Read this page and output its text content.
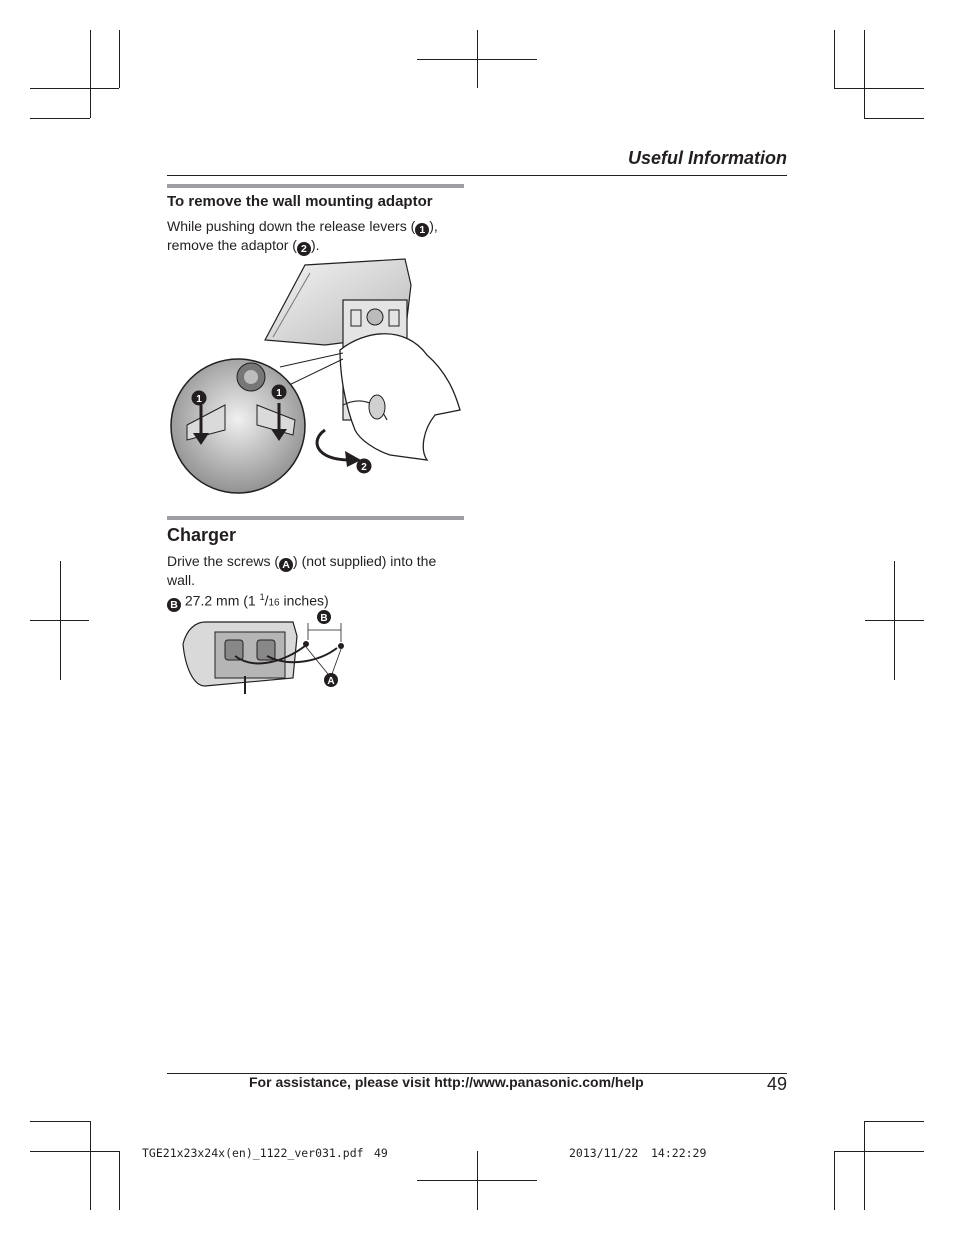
Useful Information
To remove the wall mounting adaptor
While pushing down the release levers ( 1 ),
remove the adaptor ( 2 ).
1
1
2
Charger
Drive the screws ( A ) (not supplied) into the
wall.
B 27.2 mm (1 $^1$/16 inches)
B
A
For assistance, please visit http://www.panasonic.com/help	49
TGE21x23x24x(en)_1122_ver031.pdf 49	2013/11/22 14:22:29
